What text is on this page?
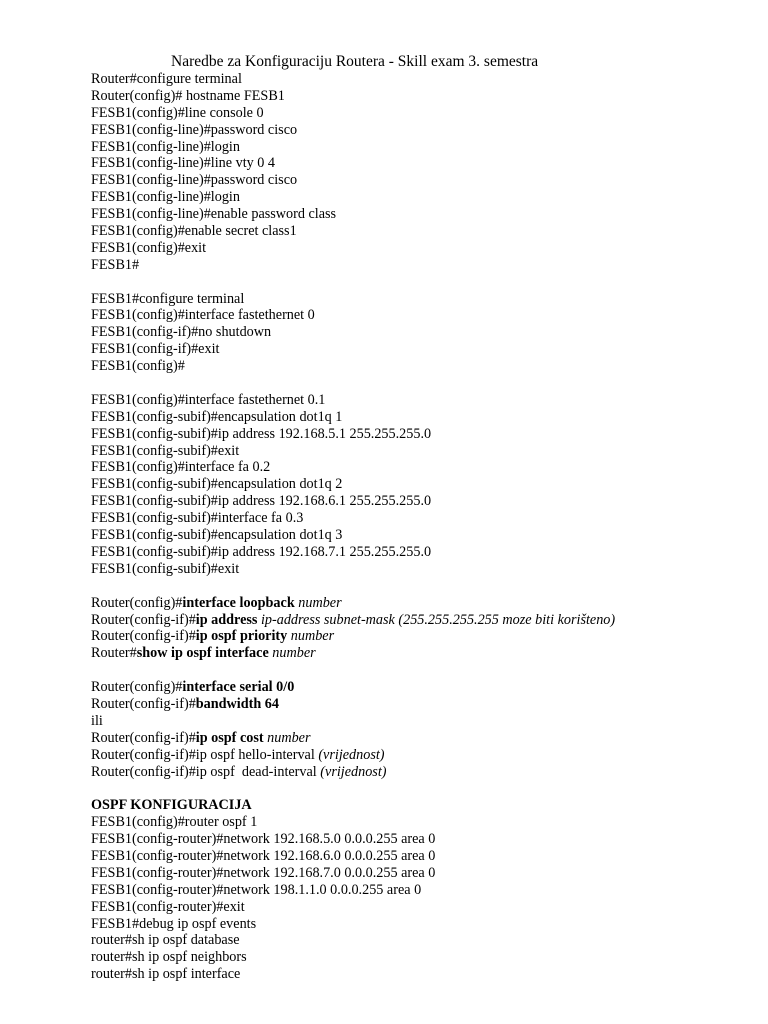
Naredbe za Konfiguraciju Routera - Skill exam 3. semestra
Router#configure terminal
Router(config)# hostname FESB1
FESB1(config)#line console 0
FESB1(config-line)#password cisco
FESB1(config-line)#login
FESB1(config-line)#line vty 0 4
FESB1(config-line)#password cisco
FESB1(config-line)#login
FESB1(config-line)#enable password class
FESB1(config)#enable secret class1
FESB1(config)#exit
FESB1#
FESB1#configure terminal
FESB1(config)#interface fastethernet 0
FESB1(config-if)#no shutdown
FESB1(config-if)#exit
FESB1(config)#
FESB1(config)#interface fastethernet 0.1
FESB1(config-subif)#encapsulation dot1q 1
FESB1(config-subif)#ip address 192.168.5.1 255.255.255.0
FESB1(config-subif)#exit
FESB1(config)#interface fa 0.2
FESB1(config-subif)#encapsulation dot1q 2
FESB1(config-subif)#ip address 192.168.6.1 255.255.255.0
FESB1(config-subif)#interface fa 0.3
FESB1(config-subif)#encapsulation dot1q 3
FESB1(config-subif)#ip address 192.168.7.1 255.255.255.0
FESB1(config-subif)#exit
Router(config)#interface loopback number
Router(config-if)#ip address ip-address subnet-mask (255.255.255.255 moze biti korišteno)
Router(config-if)#ip ospf priority number
Router#show ip ospf interface number
Router(config)#interface serial 0/0
Router(config-if)#bandwidth 64
ili
Router(config-if)#ip ospf cost number
Router(config-if)#ip ospf hello-interval (vrijednost)
Router(config-if)#ip ospf  dead-interval (vrijednost)
OSPF KONFIGURACIJA
FESB1(config)#router ospf 1
FESB1(config-router)#network 192.168.5.0 0.0.0.255 area 0
FESB1(config-router)#network 192.168.6.0 0.0.0.255 area 0
FESB1(config-router)#network 192.168.7.0 0.0.0.255 area 0
FESB1(config-router)#network 198.1.1.0 0.0.0.255 area 0
FESB1(config-router)#exit
FESB1#debug ip ospf events
router#sh ip ospf database
router#sh ip ospf neighbors
router#sh ip ospf interface
